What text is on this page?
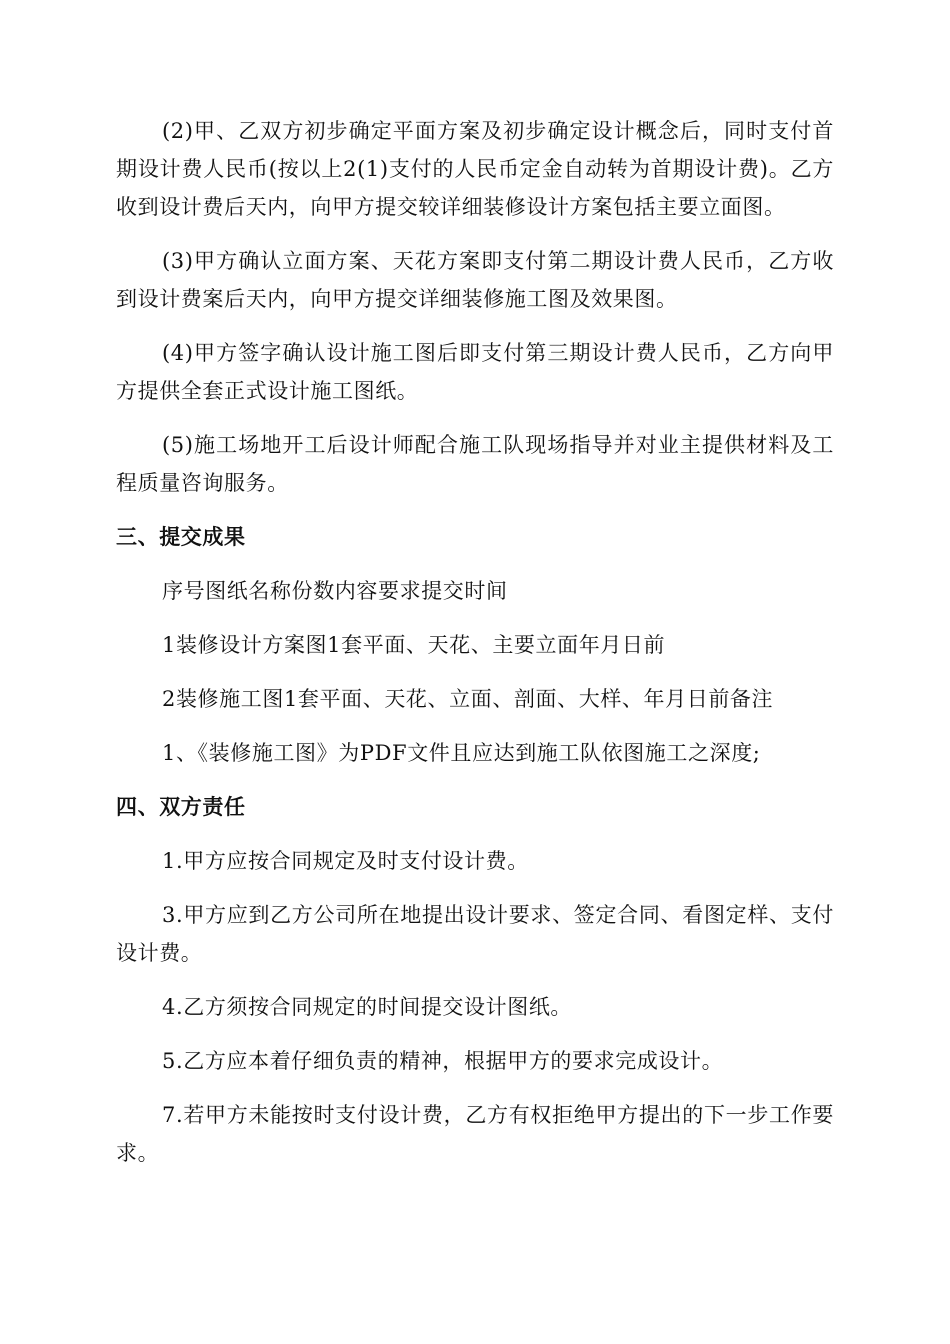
(2)甲、乙双方初步确定平面方案及初步确定设计概念后，同时支付首期设计费人民币(按以上2(1)支付的人民币定金自动转为首期设计费)。乙方收到设计费后天内，向甲方提交较详细装修设计方案包括主要立面图。

(3)甲方确认立面方案、天花方案即支付第二期设计费人民币，乙方收到设计费案后天内，向甲方提交详细装修施工图及效果图。

(4)甲方签字确认设计施工图后即支付第三期设计费人民币，乙方向甲方提供全套正式设计施工图纸。

(5)施工场地开工后设计师配合施工队现场指导并对业主提供材料及工程质量咨询服务。

三、提交成果

序号图纸名称份数内容要求提交时间

1装修设计方案图1套平面、天花、主要立面年月日前

2装修施工图1套平面、天花、立面、剖面、大样、年月日前备注

1、《装修施工图》为PDF文件且应达到施工队依图施工之深度;

四、双方责任

1.甲方应按合同规定及时支付设计费。

3.甲方应到乙方公司所在地提出设计要求、签定合同、看图定样、支付设计费。

4.乙方须按合同规定的时间提交设计图纸。

5.乙方应本着仔细负责的精神，根据甲方的要求完成设计。

7.若甲方未能按时支付设计费，乙方有权拒绝甲方提出的下一步工作要求。
